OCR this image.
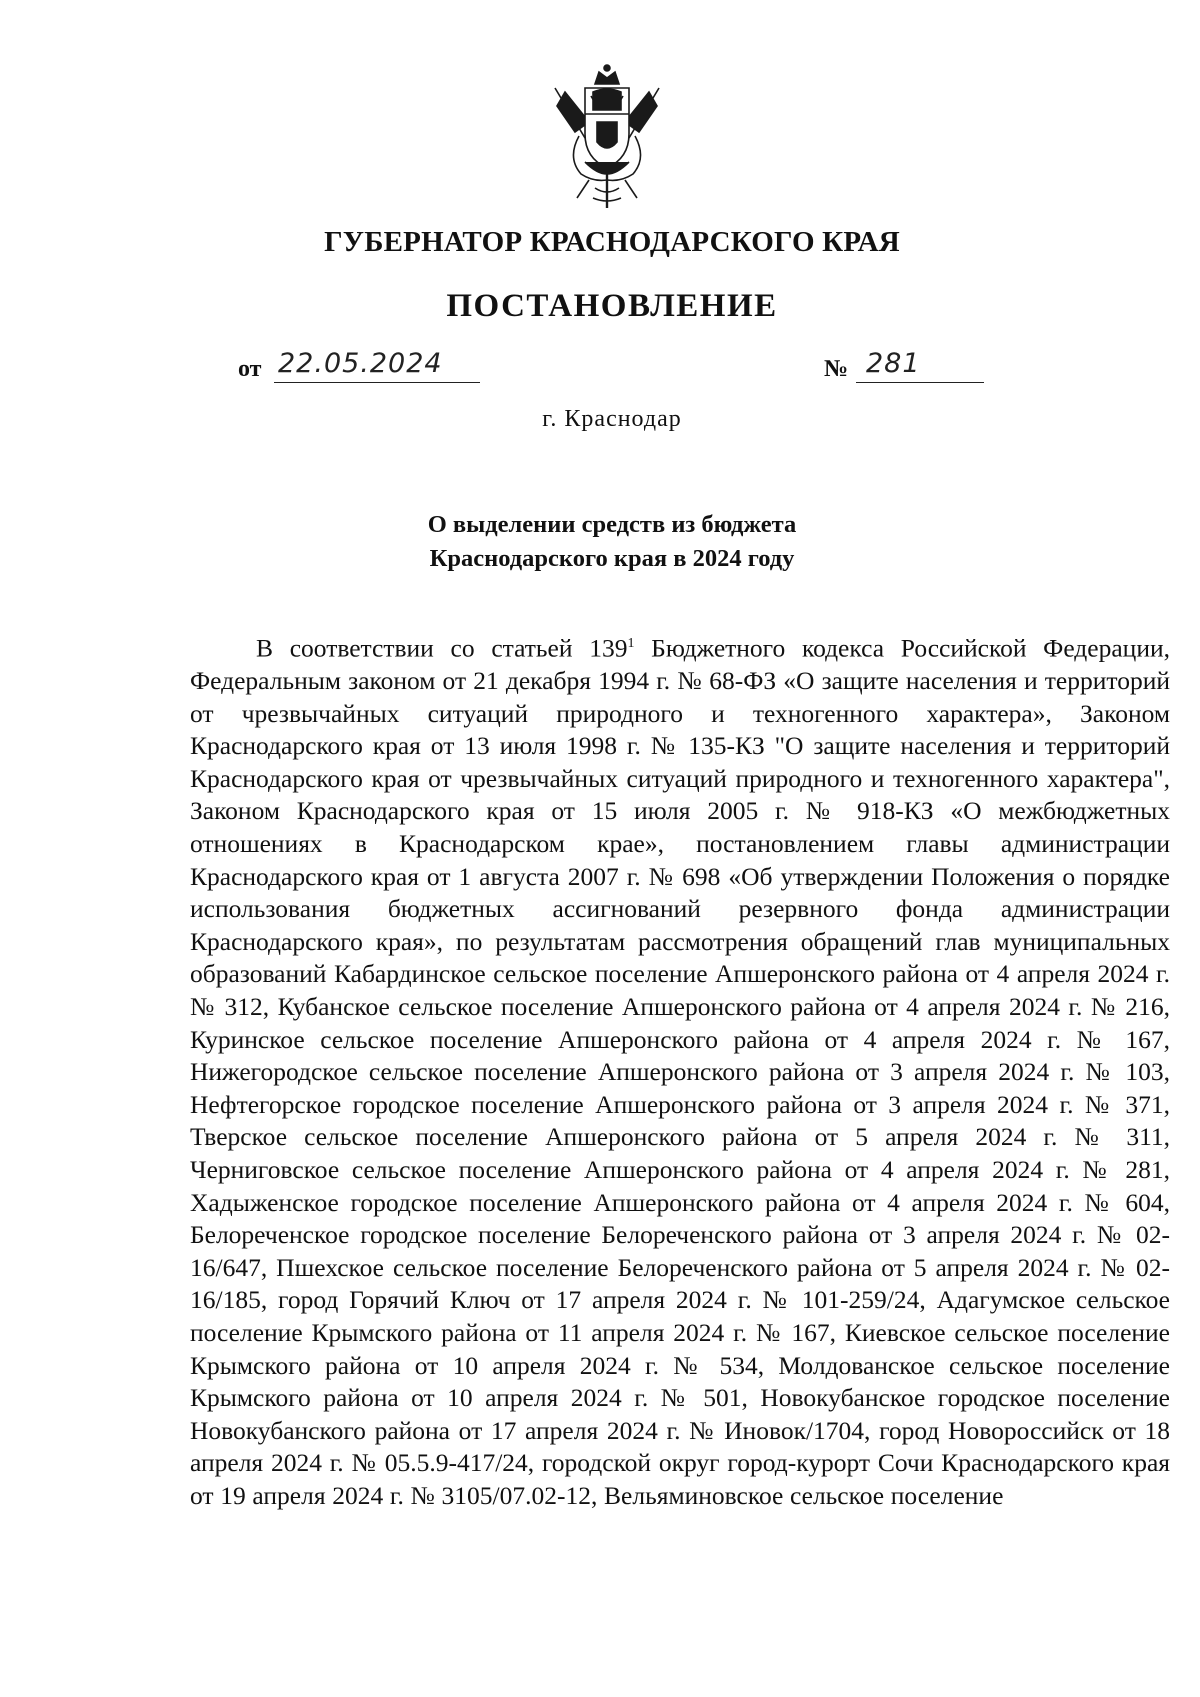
ГУБЕРНАТОР КРАСНОДАРСКОГО КРАЯ
ПОСТАНОВЛЕНИЕ
от 22.05.2024	№ 281

г. Краснодар

О выделении средств из бюджета
Краснодарского края в 2024 году

В соответствии со статьей $139^1$ Бюджетного кодекса Российской Федерации, Федеральным законом от 21 декабря 1994 г. № 68-ФЗ «О защите населения и территорий от чрезвычайных ситуаций природного и техногенного характера», Законом Краснодарского края от 13 июля 1998 г. № 135-КЗ "О защите населения и территорий Краснодарского края от чрезвычайных ситуаций природного и техногенного характера", Законом Краснодарского края от 15 июля 2005 г. № 918-КЗ «О межбюджетных отношениях в Краснодарском крае», постановлением главы администрации Краснодарского края от 1 августа 2007 г. № 698 «Об утверждении Положения о порядке использования бюджетных ассигнований резервного фонда администрации Краснодарского края», по результатам рассмотрения обращений глав муниципальных образований Кабардинское сельское поселение Апшеронского района от 4 апреля 2024 г. № 312, Кубанское сельское поселение Апшеронского района от 4 апреля 2024 г. № 216, Куринское сельское поселение Апшеронского района от 4 апреля 2024 г. № 167, Нижегородское сельское поселение Апшеронского района от 3 апреля 2024 г. № 103, Нефтегорское городское поселение Апшеронского района от 3 апреля 2024 г. № 371, Тверское сельское поселение Апшеронского района от 5 апреля 2024 г. № 311, Черниговское сельское поселение Апшеронского района от 4 апреля 2024 г. № 281, Хадыженское городское поселение Апшеронского района от 4 апреля 2024 г. № 604, Белореченское городское поселение Белореченского района от 3 апреля 2024 г. № 02-16/647, Пшехское сельское поселение Белореченского района от 5 апреля 2024 г. № 02-16/185, город Горячий Ключ от 17 апреля 2024 г. № 101-259/24, Адагумское сельское поселение Крымского района от 11 апреля 2024 г. № 167, Киевское сельское поселение Крымского района от 10 апреля 2024 г. № 534, Молдованское сельское поселение Крымского района от 10 апреля 2024 г. № 501, Новокубанское городское поселение Новокубанского района от 17 апреля 2024 г. № Иновок/1704, город Новороссийск от 18 апреля 2024 г. № 05.5.9-417/24, городской округ город-курорт Сочи Краснодарского края от 19 апреля 2024 г. № 3105/07.02-12, Вельяминовское сельское поселение
